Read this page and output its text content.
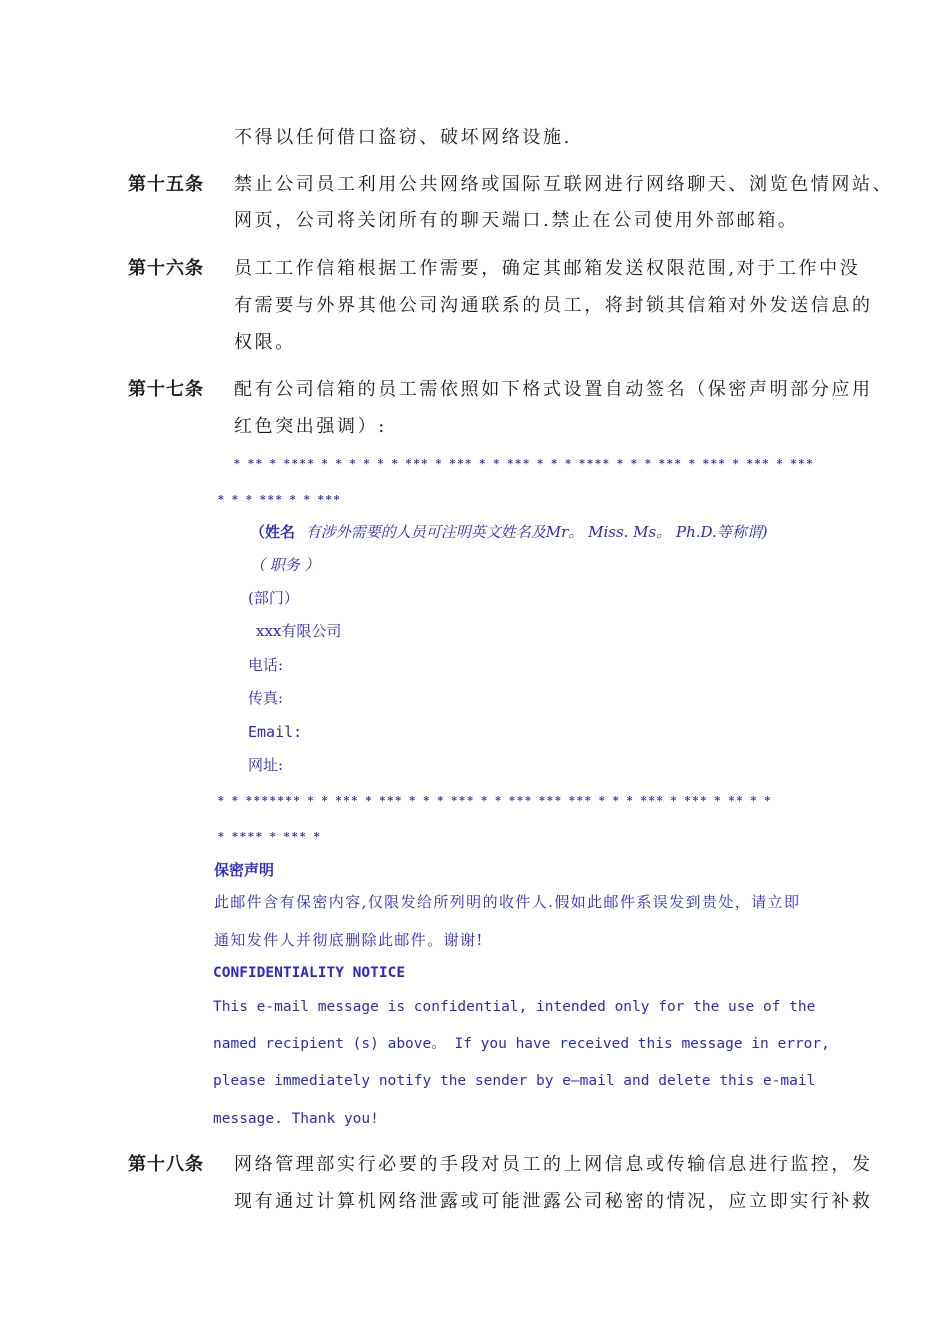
不得以任何借口盗窃、破坏网络设施.
第十五条 禁止公司员工利用公共网络或国际互联网进行网络聊天、浏览色情网站、
网页，公司将关闭所有的聊天端口.禁止在公司使用外部邮箱。
第十六条 员工工作信箱根据工作需要，确定其邮箱发送权限范围,对于工作中没
有需要与外界其他公司沟通联系的员工，将封锁其信箱对外发送信息的
权限。
第十七条 配有公司信箱的员工需依照如下格式设置自动签名（保密声明部分应用
红色突出强调）:
* ** * **** * * * * * * *** * *** * * *** * * * **** * * * *** * *** * *** * ***
* * * *** * * ***
（姓名 有涉外需要的人员可注明英文姓名及Mr。 Miss. Ms。 Ph.D.等称谓)
（ 职务 ）
(部门）
xxx有限公司
电话:
传真:
Email:
网址:
* * ******* * * *** * *** * * * *** * * *** *** *** * * * *** * *** * ** * *
* **** * *** *
保密声明
此邮件含有保密内容,仅限发给所列明的收件人.假如此邮件系误发到贵处，请立即
通知发件人并彻底删除此邮件。谢谢!
CONFIDENTIALITY NOTICE
This e-mail message is confidential, intended only for the use of the
named recipient (s) above。 If you have received this message in error,
please immediately notify the sender by e—mail and delete this e-mail
message. Thank you!
第十八条 网络管理部实行必要的手段对员工的上网信息或传输信息进行监控，发
现有通过计算机网络泄露或可能泄露公司秘密的情况，应立即实行补救
